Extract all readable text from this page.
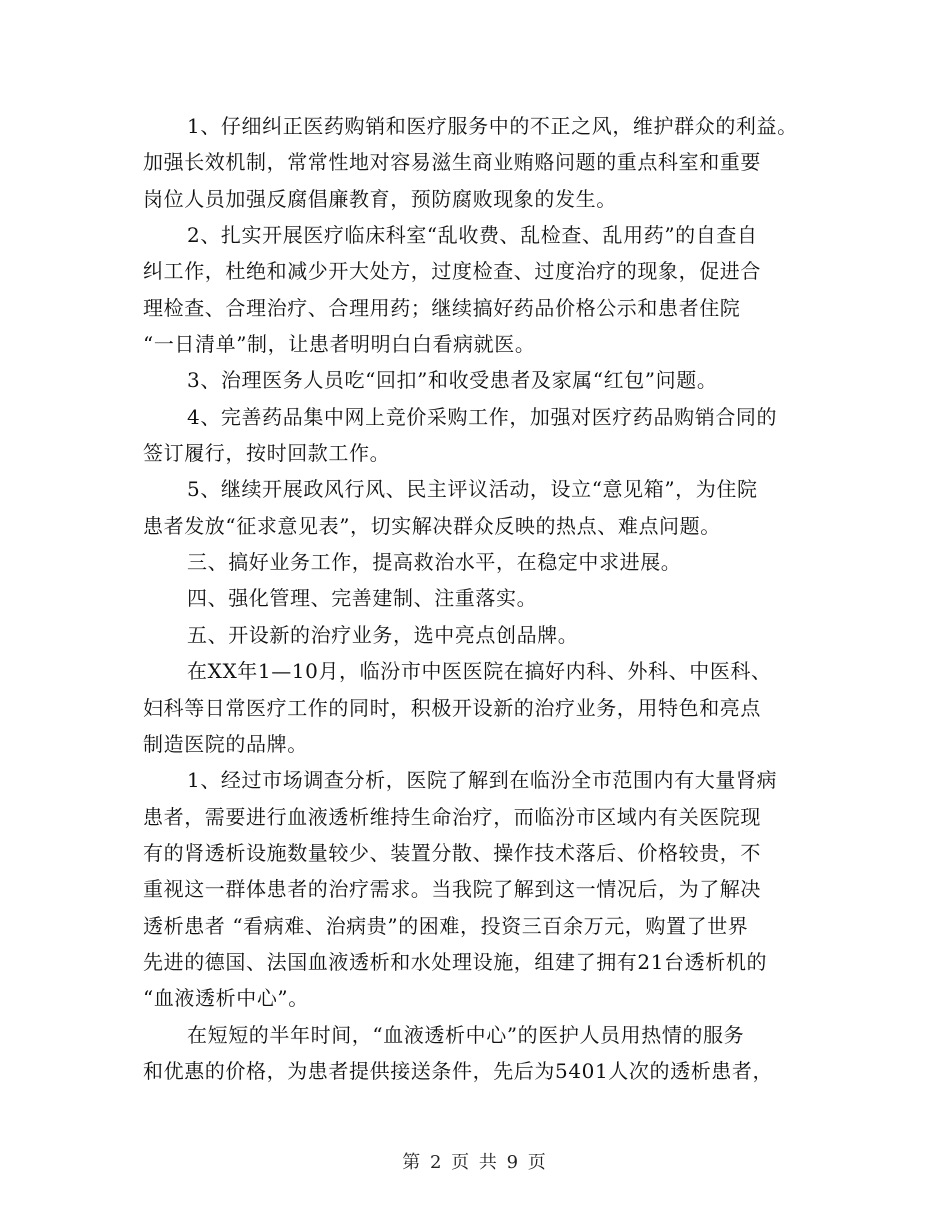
1、仔细纠正医药购销和医疗服务中的不正之风，维护群众的利益。
加强长效机制，常常性地对容易滋生商业贿赂问题的重点科室和重要
岗位人员加强反腐倡廉教育，预防腐败现象的发生。
2、扎实开展医疗临床科室“乱收费、乱检查、乱用药”的自查自
纠工作，杜绝和减少开大处方，过度检查、过度治疗的现象，促进合
理检查、合理治疗、合理用药；继续搞好药品价格公示和患者住院
“一日清单”制，让患者明明白白看病就医。
3、治理医务人员吃“回扣”和收受患者及家属“红包”问题。
4、完善药品集中网上竞价采购工作，加强对医疗药品购销合同的
签订履行，按时回款工作。
5、继续开展政风行风、民主评议活动，设立“意见箱”，为住院
患者发放“征求意见表”，切实解决群众反映的热点、难点问题。
三、搞好业务工作，提高救治水平，在稳定中求进展。
四、强化管理、完善建制、注重落实。
五、开设新的治疗业务，选中亮点创品牌。
在XX年1—10月，临汾市中医医院在搞好内科、外科、中医科、
妇科等日常医疗工作的同时，积极开设新的治疗业务，用特色和亮点
制造医院的品牌。
1、经过市场调查分析，医院了解到在临汾全市范围内有大量肾病
患者，需要进行血液透析维持生命治疗，而临汾市区域内有关医院现
有的肾透析设施数量较少、装置分散、操作技术落后、价格较贵，不
重视这一群体患者的治疗需求。当我院了解到这一情况后，为了解决
透析患者 “看病难、治病贵”的困难，投资三百余万元，购置了世界
先进的德国、法国血液透析和水处理设施，组建了拥有21台透析机的
“血液透析中心”。
在短短的半年时间，“血液透析中心”的医护人员用热情的服务
和优惠的价格，为患者提供接送条件，先后为5401人次的透析患者，
第 2 页 共 9 页
